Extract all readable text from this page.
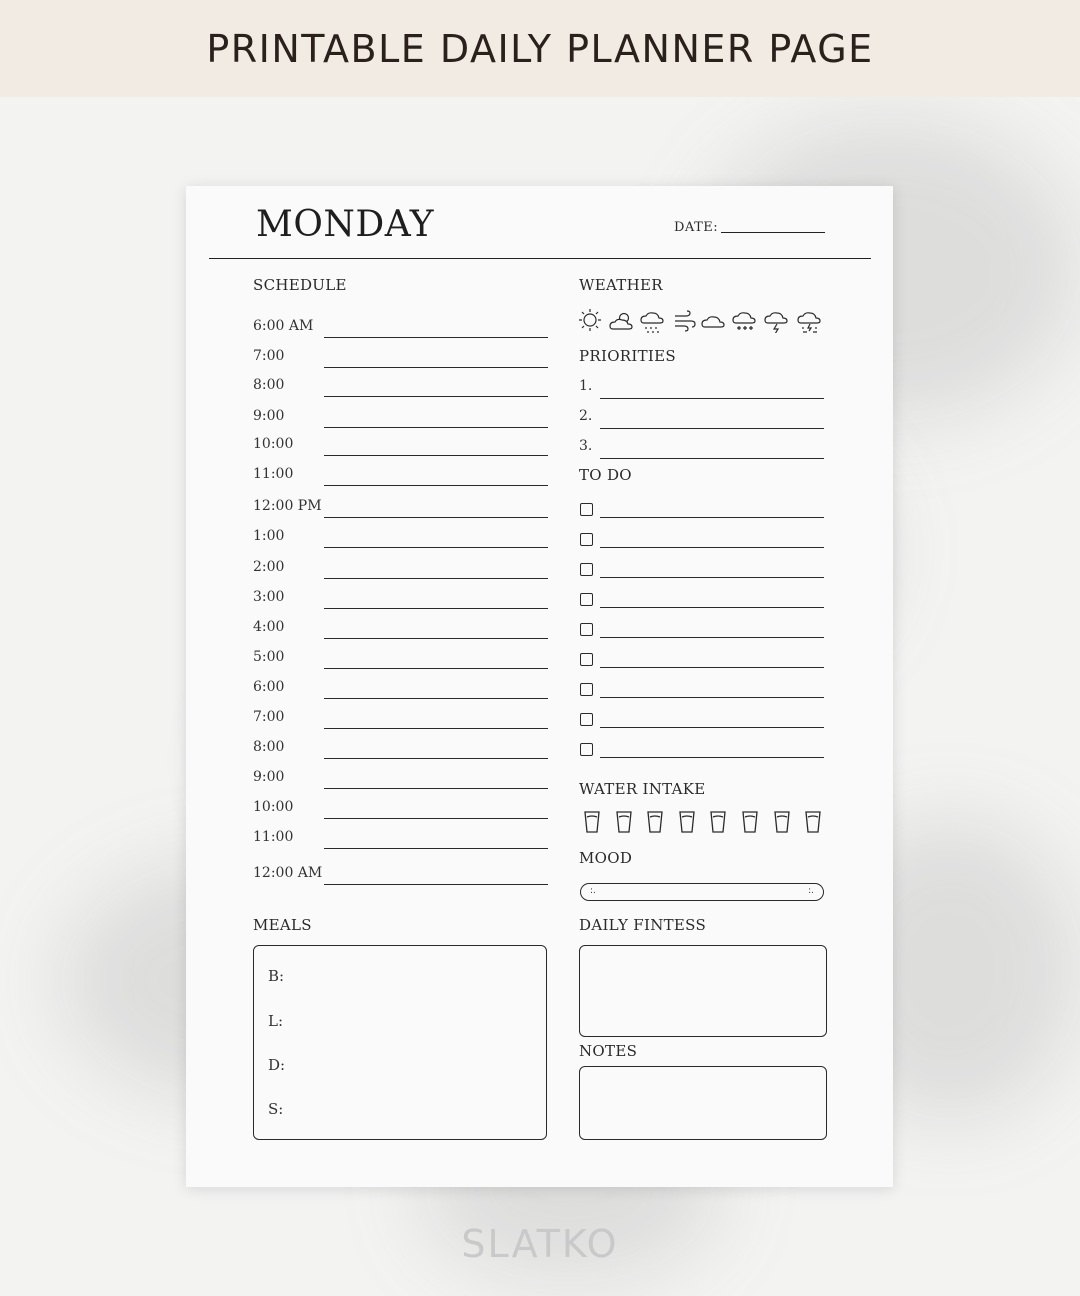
PRINTABLE DAILY PLANNER PAGE
MONDAY	DATE:
SCHEDULE
6:00 AM
7:00
8:00
9:00
10:00
11:00
12:00 PM
1:00
2:00
3:00
4:00
5:00
6:00
7:00
8:00
9:00
10:00
11:00
12:00 AM
WEATHER
PRIORITIES
1.
2.
3.
TO DO
WATER INTAKE
MOOD
:.	:.
MEALS
B:
L:
D:
S:
DAILY FINTESS
NOTES
SLATKO
